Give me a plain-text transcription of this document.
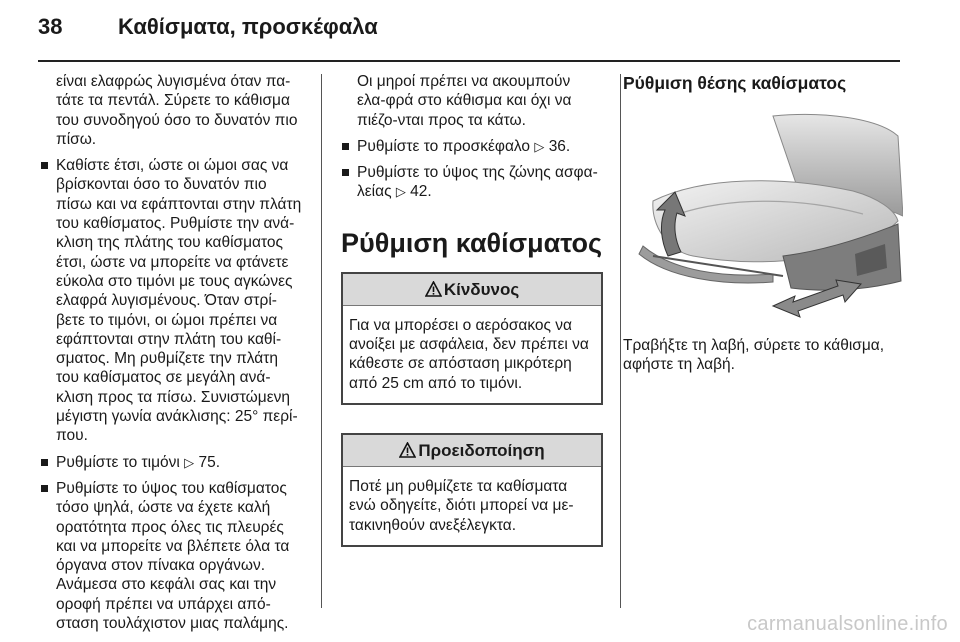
38	Καθίσματα, προσκέφαλα

είναι ελαφρώς λυγισμένα όταν πα-τάτε τα πεντάλ. Σύρετε το κάθισμα του συνοδηγού όσο το δυνατόν πιο πίσω.

Καθίστε έτσι, ώστε οι ώμοι σας να βρίσκονται όσο το δυνατόν πιο πίσω και να εφάπτονται στην πλάτη του καθίσματος. Ρυθμίστε την ανά-κλιση της πλάτης του καθίσματος έτσι, ώστε να μπορείτε να φτάνετε εύκολα στο τιμόνι με τους αγκώνες ελαφρά λυγισμένους. Όταν στρί-βετε το τιμόνι, οι ώμοι πρέπει να εφάπτονται στην πλάτη του καθί-σματος. Μη ρυθμίζετε την πλάτη του καθίσματος σε μεγάλη ανά-κλιση προς τα πίσω. Συνιστώμενη μέγιστη γωνία ανάκλισης: 25° περί-που.
Ρυθμίστε το τιμόνι ▷ 75.
Ρυθμίστε το ύψος του καθίσματος τόσο ψηλά, ώστε να έχετε καλή ορατότητα προς όλες τις πλευρές και να μπορείτε να βλέπετε όλα τα όργανα στον πίνακα οργάνων. Ανάμεσα στο κεφάλι σας και την οροφή πρέπει να υπάρχει από-σταση τουλάχιστον μιας παλάμης.

Οι μηροί πρέπει να ακουμπούν ελα-φρά στο κάθισμα και όχι να πιέζο-νται προς τα κάτω.

Ρυθμίστε το προσκέφαλο ▷ 36.
Ρυθμίστε το ύψος της ζώνης ασφα-λείας ▷ 42.
Ρύθμιση καθίσματος
Κίνδυνος
Για να μπορέσει ο αερόσακος να ανοίξει με ασφάλεια, δεν πρέπει να κάθεστε σε απόσταση μικρότερη από 25 cm από το τιμόνι.
Προειδοποίηση
Ποτέ μη ρυθμίζετε τα καθίσματα ενώ οδηγείτε, διότι μπορεί να με-τακινηθούν ανεξέλεγκτα.
Ρύθμιση θέσης καθίσματος

Τραβήξτε τη λαβή, σύρετε το κάθισμα, αφήστε τη λαβή.

carmanualsonline.info
